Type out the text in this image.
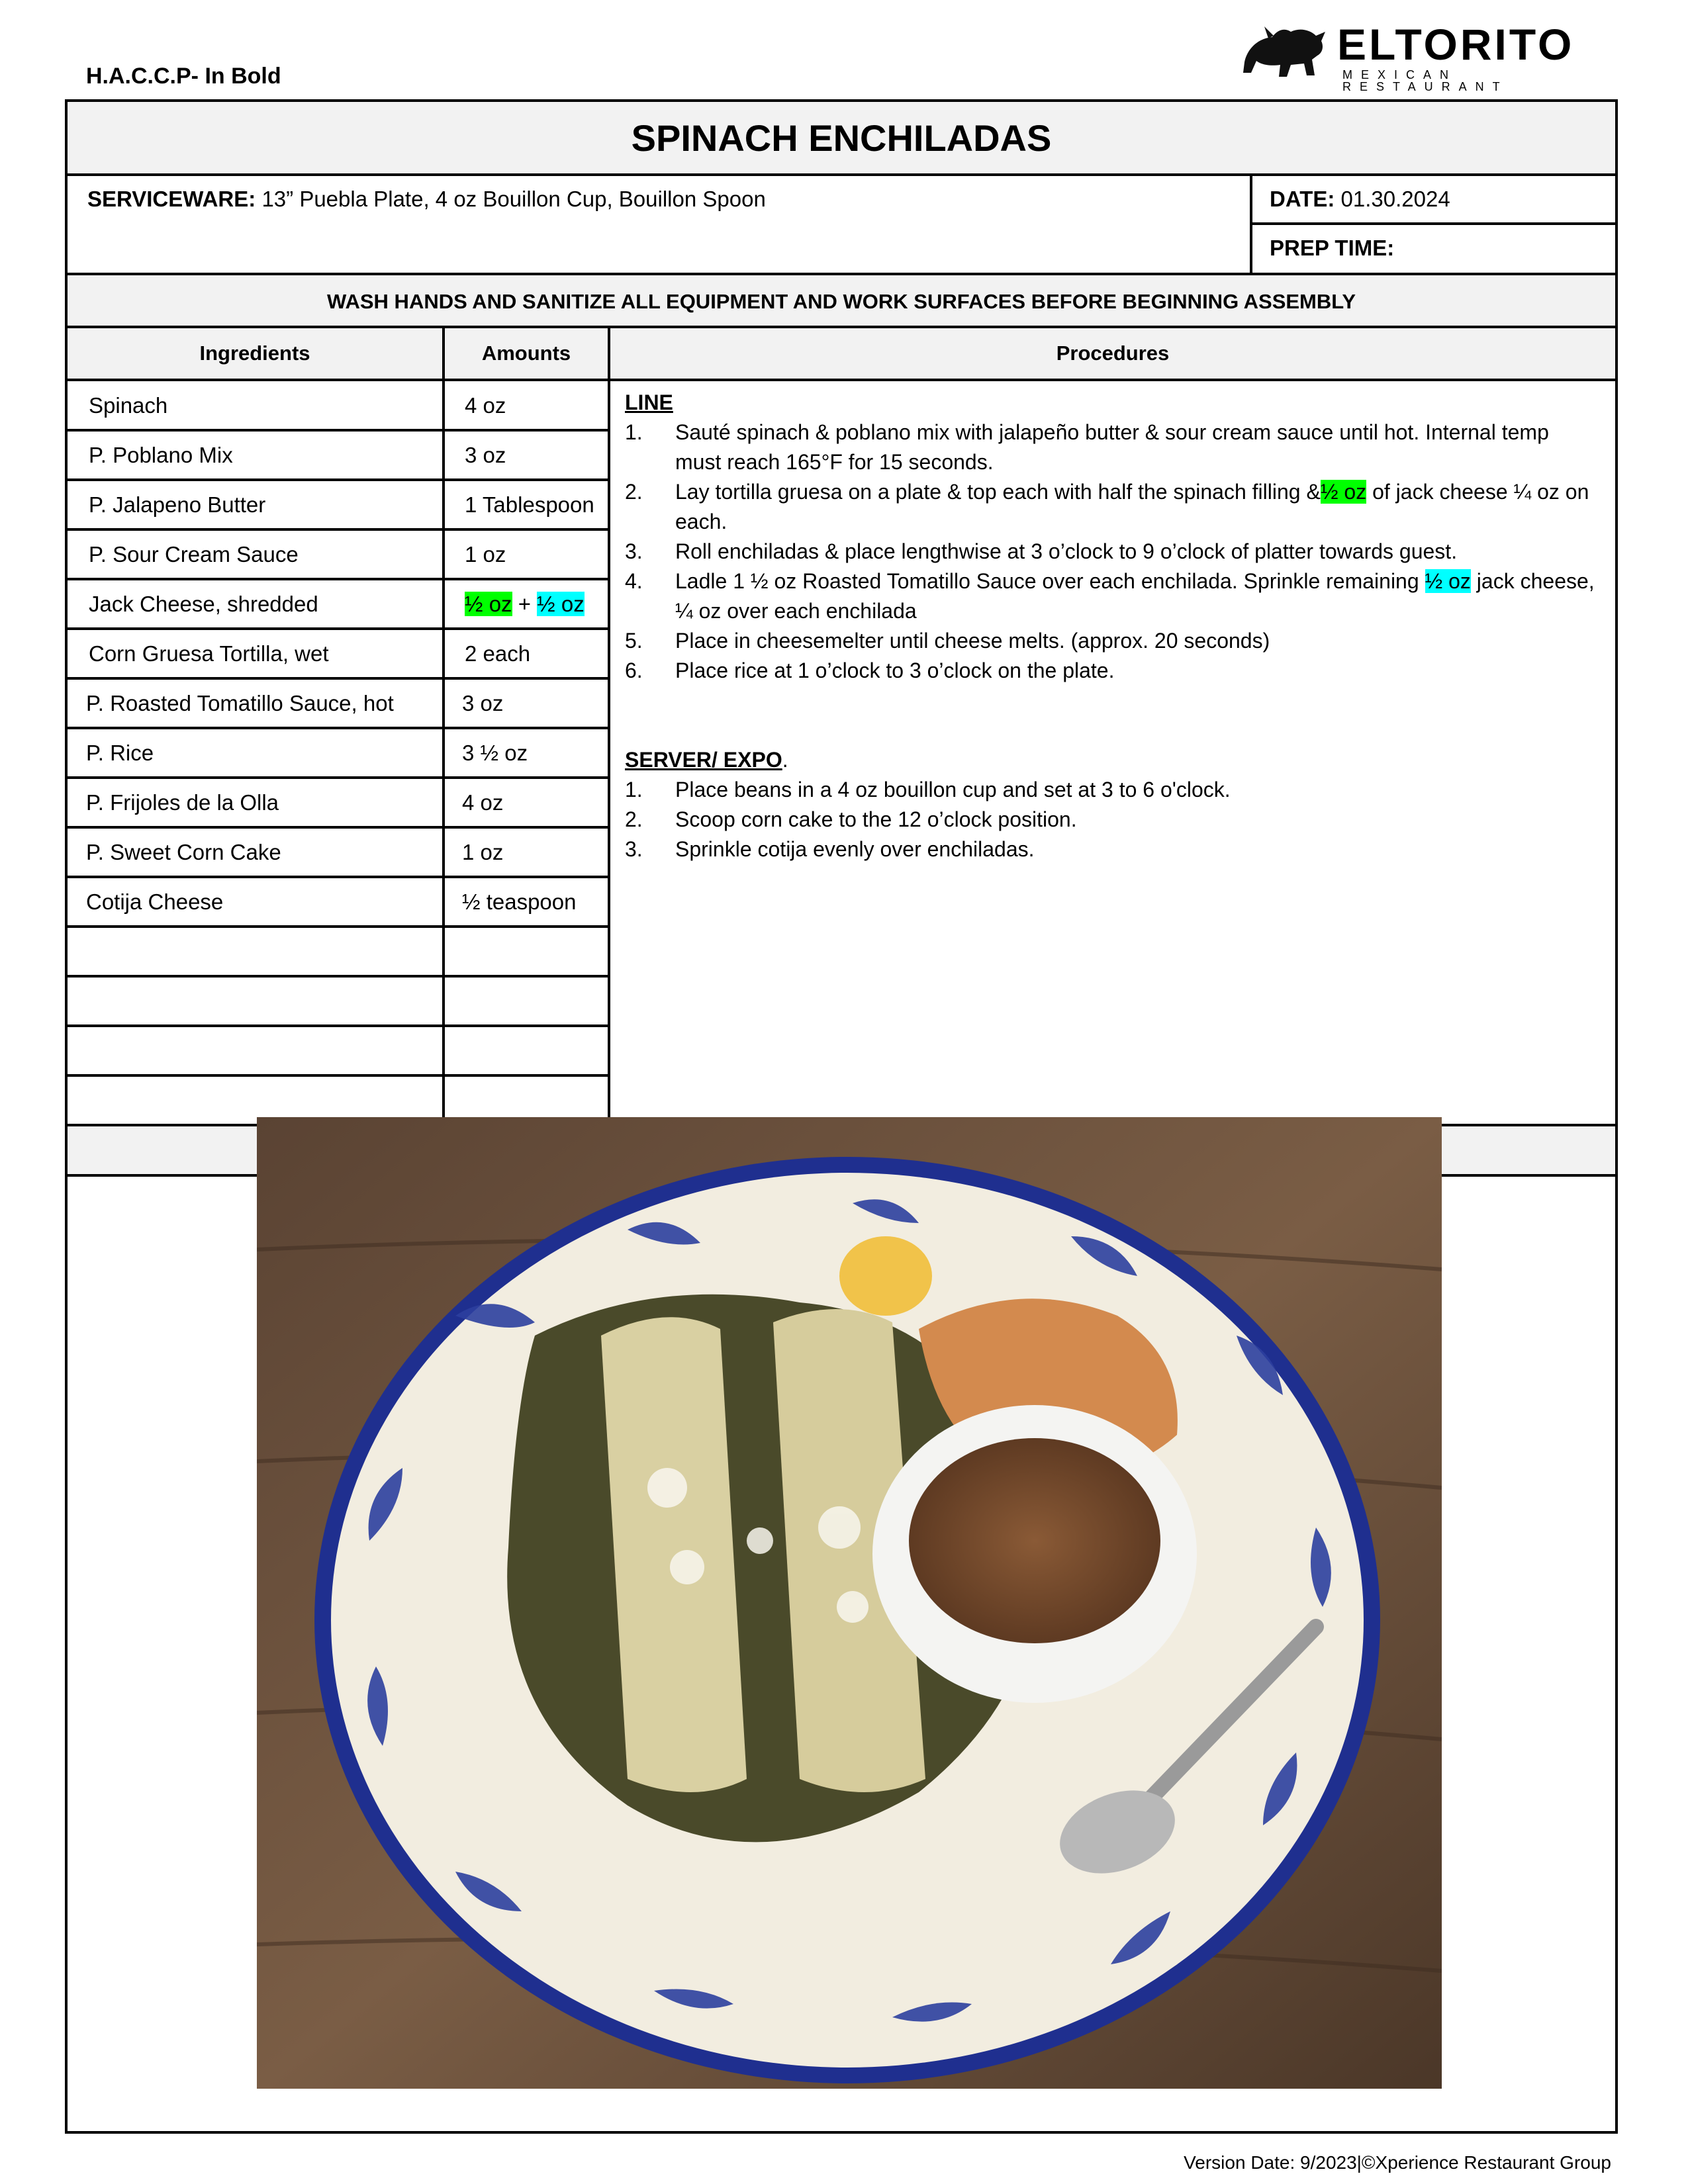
H.A.C.C.P- In Bold
ELTORITO
MEXICAN RESTAURANT
SPINACH ENCHILADAS
SERVICEWARE: 13” Puebla Plate, 4 oz Bouillon Cup, Bouillon Spoon	DATE: 01.30.2024
PREP TIME:
WASH HANDS AND SANITIZE ALL EQUIPMENT AND WORK SURFACES BEFORE BEGINNING ASSEMBLY
Ingredients	Amounts	Procedures
Spinach	4 oz
P. Poblano Mix	3 oz
P. Jalapeno Butter	1 Tablespoon
P. Sour Cream Sauce	1 oz
Jack Cheese, shredded	½ oz + ½ oz
Corn Gruesa Tortilla, wet	2 each
P. Roasted Tomatillo Sauce, hot	3 oz
P. Rice	3 ½ oz
P. Frijoles de la Olla	4 oz
P. Sweet Corn Cake	1 oz
Cotija Cheese	½ teaspoon
LINE
1. Sauté spinach & poblano mix with jalapeño butter & sour cream sauce until hot. Internal temp must reach 165°F for 15 seconds.
2. Lay tortilla gruesa on a plate & top each with half the spinach filling &½ oz of jack cheese ¼ oz on each.
3. Roll enchiladas & place lengthwise at 3 o’clock to 9 o’clock of platter towards guest.
4. Ladle 1 ½ oz Roasted Tomatillo Sauce over each enchilada. Sprinkle remaining ½ oz jack cheese, ¼ oz over each enchilada
5. Place in cheesemelter until cheese melts. (approx. 20 seconds)
6. Place rice at 1 o’clock to 3 o’clock on the plate.
SERVER/ EXPO.
1. Place beans in a 4 oz bouillon cup and set at 3 to 6 o'clock.
2. Scoop corn cake to the 12 o’clock position.
3. Sprinkle cotija evenly over enchiladas.
Version Date: 9/2023|©Xperience Restaurant Group
